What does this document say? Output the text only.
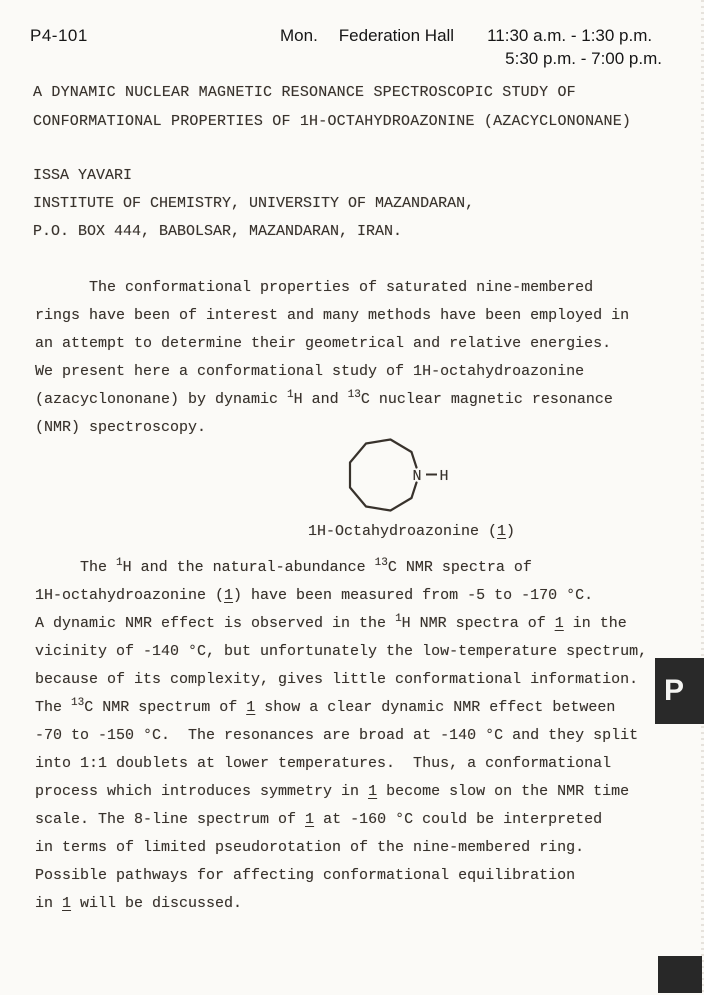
P4-101	Mon. Federation Hall 11:30 a.m. - 1:30 p.m.
5:30 p.m. - 7:00 p.m.
A DYNAMIC NUCLEAR MAGNETIC RESONANCE SPECTROSCOPIC STUDY OF
CONFORMATIONAL PROPERTIES OF 1H-OCTAHYDROAZONINE (AZACYCLONONANE)
ISSA YAVARI
INSTITUTE OF CHEMISTRY, UNIVERSITY OF MAZANDARAN,
P.O. BOX 444, BABOLSAR, MAZANDARAN, IRAN.
The conformational properties of saturated nine-membered
rings have been of interest and many methods have been employed in
an attempt to determine their geometrical and relative energies.
We present here a conformational study of 1H-octahydroazonine
(azacyclononane) by dynamic $^1$H and $^{13}$C nuclear magnetic resonance
(NMR) spectroscopy.
N H
1H-Octahydroazonine (1)
The $^1$H and the natural-abundance $^{13}$C NMR spectra of
1H-octahydroazonine (1) have been measured from -5 to -170 °C.
A dynamic NMR effect is observed in the $^1$H NMR spectra of 1 in the
vicinity of -140 °C, but unfortunately the low-temperature spectrum,
because of its complexity, gives little conformational information.
The $^{13}$C NMR spectrum of 1 show a clear dynamic NMR effect between
-70 to -150 °C.  The resonances are broad at -140 °C and they split
into 1:1 doublets at lower temperatures.  Thus, a conformational
process which introduces symmetry in 1 become slow on the NMR time
scale. The 8-line spectrum of 1 at -160 °C could be interpreted
in terms of limited pseudorotation of the nine-membered ring.
Possible pathways for affecting conformational equilibration
in 1 will be discussed.
P
